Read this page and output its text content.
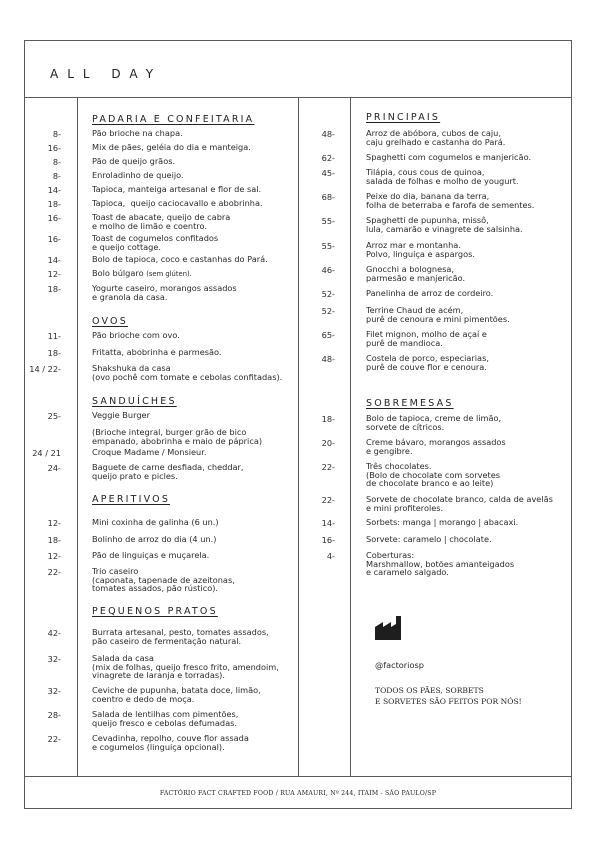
ALL DAY
PADARIA E CONFEITARIA
8-	Pão brioche na chapa.
16-	Mix de pães, geléia do dia e manteiga.
8-	Pão de queijo grãos.
8-	Enroladinho de queijo.
14-	Tapioca, manteiga artesanal e flor de sal.
18-	Tapioca,  queijo caciocavallo e abobrinha.
16-	Toast de abacate, queijo de cabra
e molho de limão e coentro.
16-	Toast de cogumelos confitados
e queijo cottage.
14-	Bolo de tapioca, coco e castanhas do Pará.
12-	Bolo búlgaro (sem glúten).
18-	Yogurte caseiro, morangos assados
e granola da casa.
OVOS
11-	Pão brioche com ovo.
18-	Fritatta, abobrinha e parmesão.
14 / 22-	Shakshuka da casa
(ovo pochê com tomate e cebolas confitadas).
SANDUÍCHES
25-	Veggie Burger

(Brioche integral, burger grão de bico
empanado, abobrinha e maio de páprica)
24 / 21	Croque Madame / Monsieur.
24-	Baguete de carne desfiada, cheddar,
queijo prato e picles.
APERITIVOS
12-	Mini coxinha de galinha (6 un.)
18-	Bolinho de arroz do dia (4 un.)
12-	Pão de linguiças e muçarela.
22-	Trio caseiro
(caponata, tapenade de azeitonas,
tomates assados, pão rústico).
PEQUENOS PRATOS
42-	Burrata artesanal, pesto, tomates assados,
pão caseiro de fermentação natural.
32-	Salada da casa
(mix de folhas, queijo fresco frito, amendoim,
vinagrete de laranja e torradas).
32-	Ceviche de pupunha, batata doce, limão,
coentro e dedo de moça.
28-	Salada de lentilhas com pimentões,
queijo fresco e cebolas defumadas.
22-	Cevadinha, repolho, couve flor assada
e cogumelos (linguiça opcional).
PRINCIPAIS
48-	Arroz de abóbora, cubos de caju,
caju grelhado e castanha do Pará.
62-	Spaghetti com cogumelos e manjericão.
45-	Tilápia, cous cous de quinoa,
salada de folhas e molho de yougurt.
68-	Peixe do dia, banana da terra,
folha de beterraba e farofa de sementes.
55-	Spaghetti de pupunha, missô,
lula, camarão e vinagrete de salsinha.
55-	Arroz mar e montanha.
Polvo, linguiça e aspargos.
46-	Gnocchi a bolognesa,
parmesão e manjericão.
52-	Panelinha de arroz de cordeiro.
52-	Terrine Chaud de acém,
purê de cenoura e mini pimentões.
65-	Filet mignon, molho de açaí e
purê de mandioca.
48-	Costela de porco, especiarias,
purê de couve flor e cenoura.
SOBREMESAS
18-	Bolo de tapioca, creme de limão,
sorvete de cítricos.
20-	Creme bávaro, morangos assados
e gengibre.
22-	Três chocolates.
(Bolo de chocolate com sorvetes
de chocolate branco e ao leite)
22-	Sorvete de chocolate branco, calda de avelãs
e mini profiteroles.
14-	Sorbets: manga | morango | abacaxi.
16-	Sorvete: caramelo | chocolate.
4-	Coberturas:
Marshmallow, botões amanteigados
e caramelo salgado.
@factoriosp
TODOS OS PÃES, SORBETS
E SORVETES SÃO FEITOS POR NÓS!
FACTÓRIO FACT CRAFTED FOOD / RUA AMAURI, Nº 244, ITAIM - SÃO PAULO/SP
